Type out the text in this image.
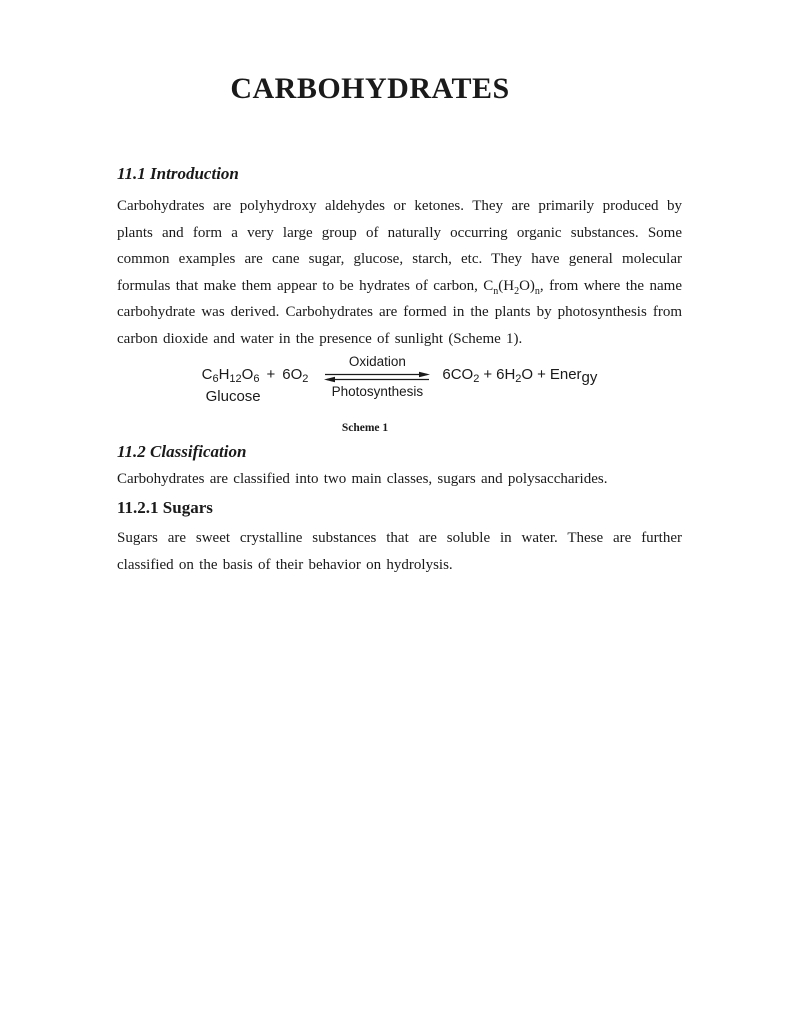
CARBOHYDRATES
11.1 Introduction

Carbohydrates are polyhydroxy aldehydes or ketones. They are primarily produced by plants and form a very large group of naturally occurring organic substances. Some common examples are cane sugar, glucose, starch, etc. They have general molecular formulas that make them appear to be hydrates of carbon, $C_n(H_2O)_n$, from where the name carbohydrate was derived. Carbohydrates are formed in the plants by photosynthesis from carbon dioxide and water in the presence of sunlight (Scheme 1).

$C_6H_{12}O_6 + 6O_2$
Glucose
Oxidation
Photosynthesis
$6CO_2 + 6H_2O$ + Energy
Scheme 1
11.2 Classification

Carbohydrates are classified into two main classes, sugars and polysaccharides.

11.2.1 Sugars

Sugars are sweet crystalline substances that are soluble in water. These are further classified on the basis of their behavior on hydrolysis.
